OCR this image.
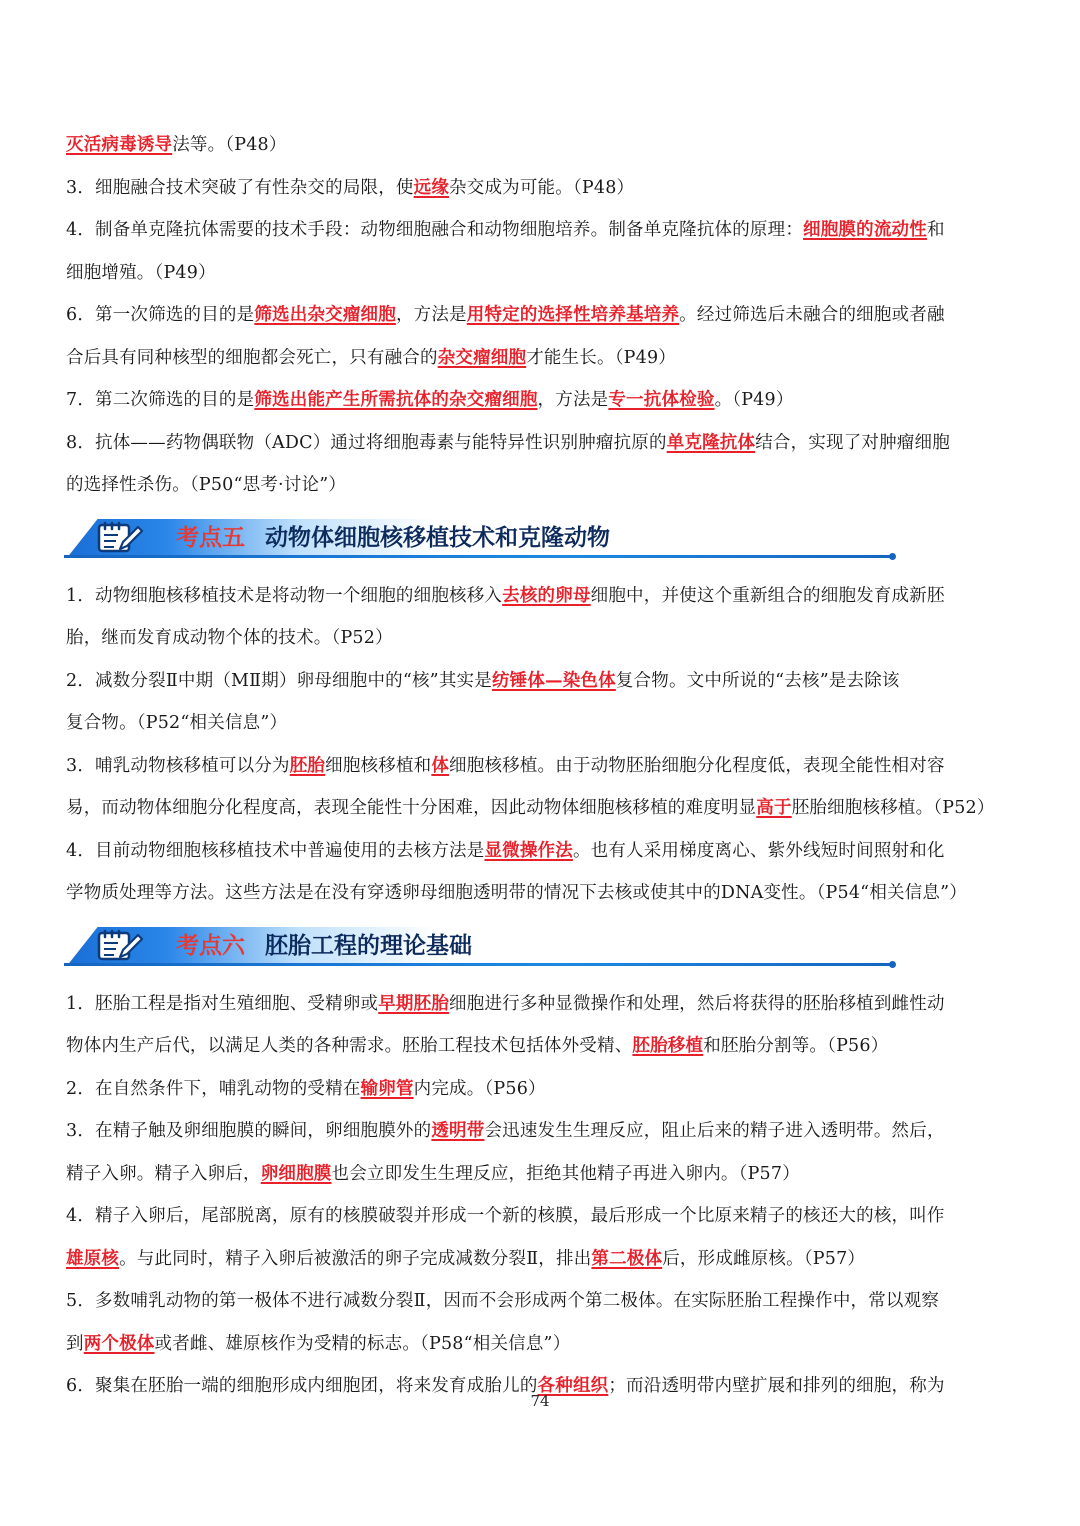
灭活病毒诱导法等。（P48）

3．细胞融合技术突破了有性杂交的局限，使远缘杂交成为可能。（P48）

4．制备单克隆抗体需要的技术手段：动物细胞融合和动物细胞培养。制备单克隆抗体的原理：细胞膜的流动性和

细胞增殖。（P49）

6．第一次筛选的目的是筛选出杂交瘤细胞，方法是用特定的选择性培养基培养。经过筛选后未融合的细胞或者融

合后具有同种核型的细胞都会死亡，只有融合的杂交瘤细胞才能生长。（P49）

7．第二次筛选的目的是筛选出能产生所需抗体的杂交瘤细胞，方法是专一抗体检验。（P49）

8．抗体——药物偶联物（ADC）通过将细胞毒素与能特异性识别肿瘤抗原的单克隆抗体结合，实现了对肿瘤细胞

的选择性杀伤。（P50“思考·讨论”）

考点五 动物体细胞核移植技术和克隆动物

1．动物细胞核移植技术是将动物一个细胞的细胞核移入去核的卵母细胞中，并使这个重新组合的细胞发育成新胚

胎，继而发育成动物个体的技术。（P52）

2．减数分裂Ⅱ中期（MⅡ期）卵母细胞中的“核”其实是纺锤体—染色体复合物。文中所说的“去核”是去除该

复合物。（P52“相关信息”）

3．哺乳动物核移植可以分为胚胎细胞核移植和体细胞核移植。由于动物胚胎细胞分化程度低，表现全能性相对容

易，而动物体细胞分化程度高，表现全能性十分困难，因此动物体细胞核移植的难度明显高于胚胎细胞核移植。（P52）

4．目前动物细胞核移植技术中普遍使用的去核方法是显微操作法。也有人采用梯度离心、紫外线短时间照射和化

学物质处理等方法。这些方法是在没有穿透卵母细胞透明带的情况下去核或使其中的DNA变性。（P54“相关信息”）

考点六 胚胎工程的理论基础

1．胚胎工程是指对生殖细胞、受精卵或早期胚胎细胞进行多种显微操作和处理，然后将获得的胚胎移植到雌性动

物体内生产后代，以满足人类的各种需求。胚胎工程技术包括体外受精、胚胎移植和胚胎分割等。（P56）

2．在自然条件下，哺乳动物的受精在输卵管内完成。（P56）

3．在精子触及卵细胞膜的瞬间，卵细胞膜外的透明带会迅速发生生理反应，阻止后来的精子进入透明带。然后，

精子入卵。精子入卵后，卵细胞膜也会立即发生生理反应，拒绝其他精子再进入卵内。（P57）

4．精子入卵后，尾部脱离，原有的核膜破裂并形成一个新的核膜，最后形成一个比原来精子的核还大的核，叫作

雄原核。与此同时，精子入卵后被激活的卵子完成减数分裂Ⅱ，排出第二极体后，形成雌原核。（P57）

5．多数哺乳动物的第一极体不进行减数分裂Ⅱ，因而不会形成两个第二极体。在实际胚胎工程操作中，常以观察

到两个极体或者雌、雄原核作为受精的标志。（P58“相关信息”）

6．聚集在胚胎一端的细胞形成内细胞团，将来发育成胎儿的各种组织；而沿透明带内壁扩展和排列的细胞，称为

74
